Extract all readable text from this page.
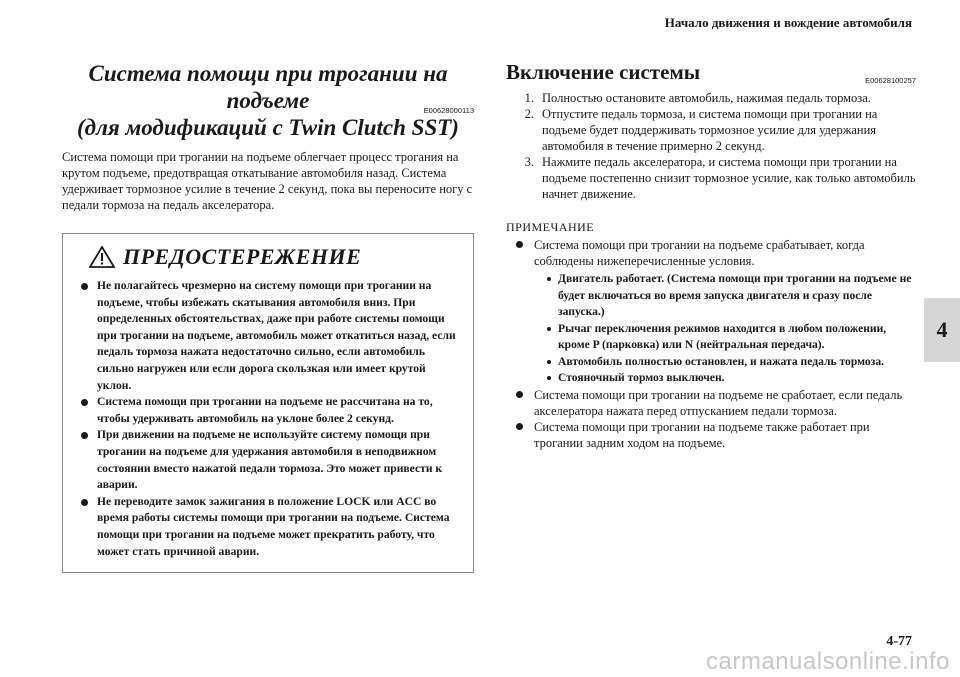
Начало движения и вождение автомобиля
4
Система помощи при трогании на подъеме
(для модификаций с Twin Clutch SST)
E00628000113

Система помощи при трогании на подъеме облегчает процесс трогания на крутом подъеме, предотвращая откатывание автомобиля назад. Система удерживает тормозное усилие в течение 2 секунд, пока вы переносите ногу с педали тормоза на педаль акселератора.

ПРЕДОСТЕРЕЖЕНИЕ
Не полагайтесь чрезмерно на систему помощи при трогании на подъеме, чтобы избежать скатывания автомобиля вниз. При определенных обстоятельствах, даже при работе системы помощи при трогании на подъеме, автомобиль может откатиться назад, если педаль тормоза нажата недостаточно сильно, если автомобиль сильно нагружен или если дорога скользкая или имеет крутой уклон.
Система помощи при трогании на подъеме не рассчитана на то, чтобы удерживать автомобиль на уклоне более 2 секунд.
При движении на подъеме не используйте систему помощи при трогании на подъеме для удержания автомобиля в неподвижном состоянии вместо нажатой педали тормоза. Это может привести к аварии.
Не переводите замок зажигания в положение LOCK или ACC во время работы системы помощи при трогании на подъеме. Система помощи при трогании на подъеме может прекратить работу, что может стать причиной аварии.
Включение системы	E00628100257
1. Полностью остановите автомобиль, нажимая педаль тормоза.
2. Отпустите педаль тормоза, и система помощи при трогании на подъеме будет поддерживать тормозное усилие для удержания автомобиля в течение примерно 2 секунд.
3. Нажмите педаль акселератора, и система помощи при трогании на подъеме постепенно снизит тормозное усилие, как только автомобиль начнет движение.
ПРИМЕЧАНИЕ
Система помощи при трогании на подъеме срабатывает, когда соблюдены нижеперечисленные условия.
Двигатель работает. (Система помощи при трогании на подъеме не будет включаться во время запуска двигателя и сразу после запуска.)
Рычаг переключения режимов находится в любом положении, кроме P (парковка) или N (нейтральная передача).
Автомобиль полностью остановлен, и нажата педаль тормоза.
Стояночный тормоз выключен.
Система помощи при трогании на подъеме не сработает, если педаль акселератора нажата перед отпусканием педали тормоза.
Система помощи при трогании на подъеме также работает при трогании задним ходом на подъеме.
4-77
carmanualsonline.info
